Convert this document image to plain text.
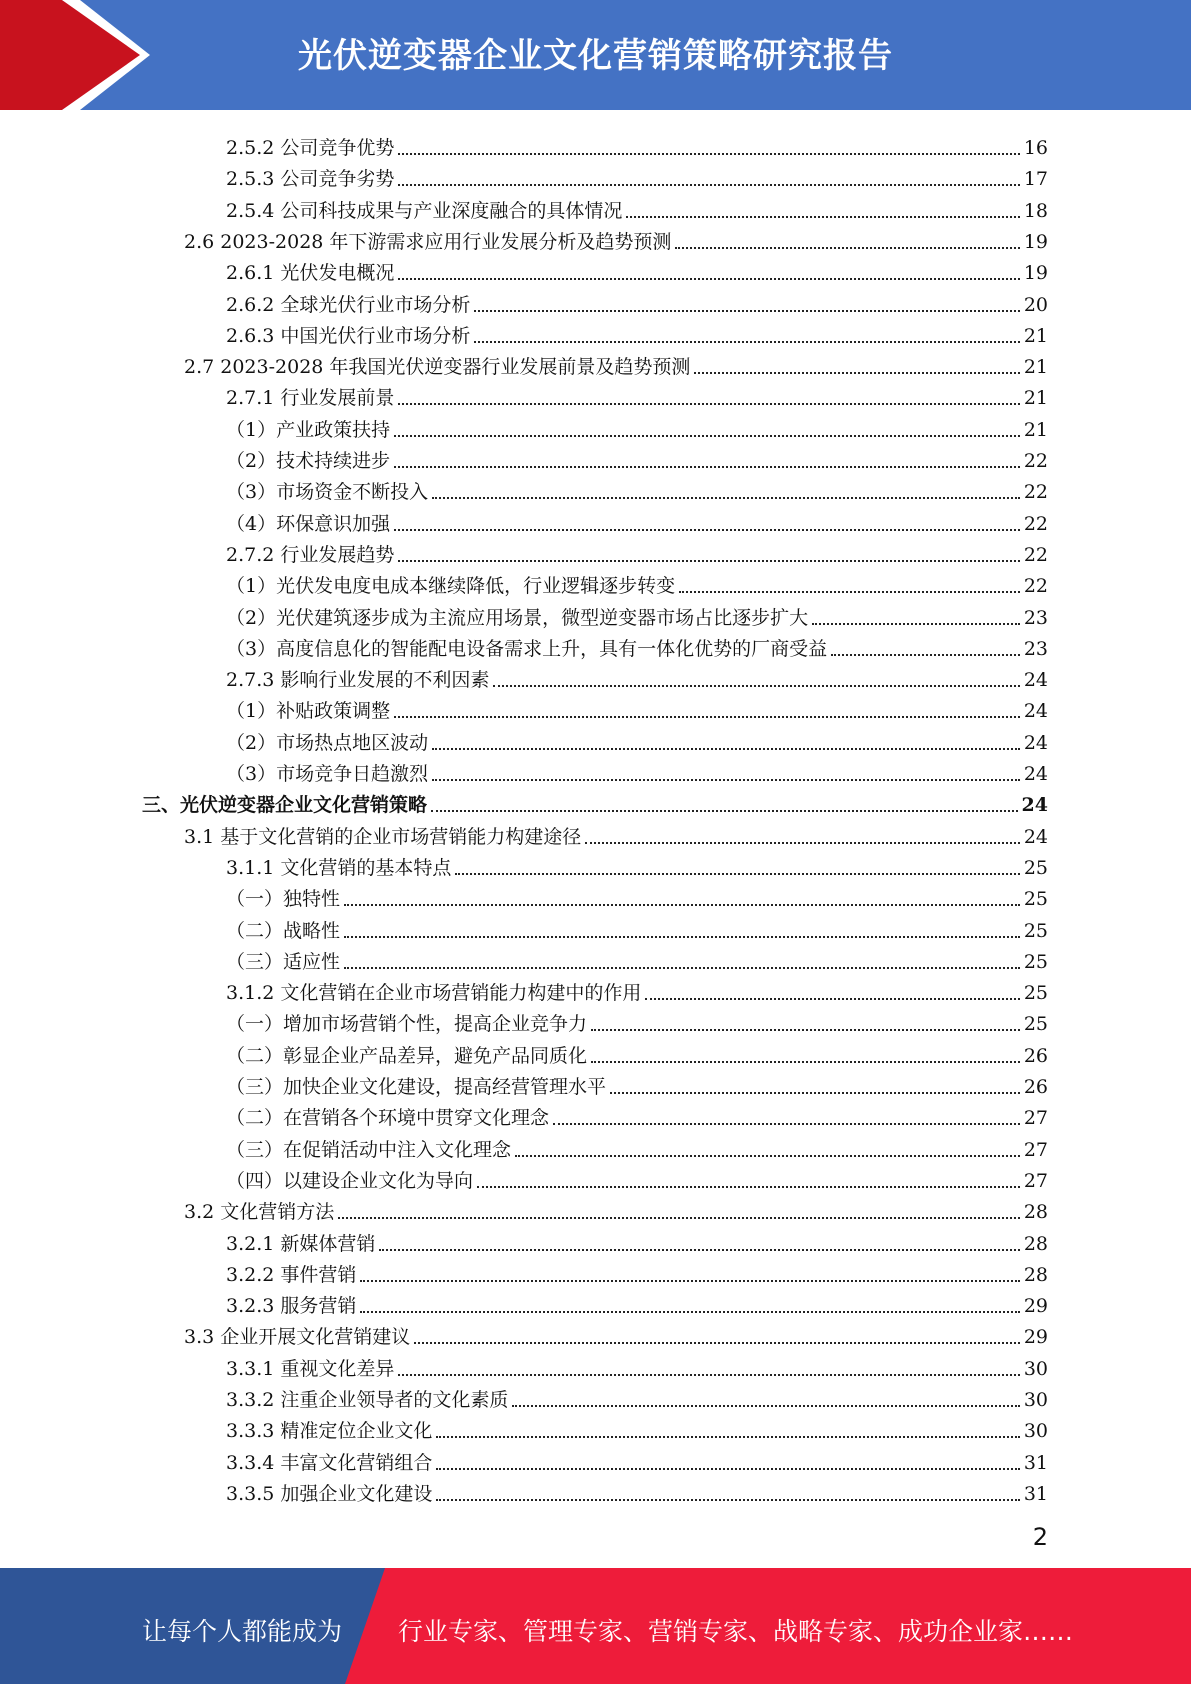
光伏逆变器企业文化营销策略研究报告
2.5.2 公司竞争优势	16
2.5.3 公司竞争劣势	17
2.5.4 公司科技成果与产业深度融合的具体情况	18
2.6 2023-2028 年下游需求应用行业发展分析及趋势预测	19
2.6.1 光伏发电概况	19
2.6.2 全球光伏行业市场分析	20
2.6.3 中国光伏行业市场分析	21
2.7 2023-2028 年我国光伏逆变器行业发展前景及趋势预测	21
2.7.1 行业发展前景	21
（1）产业政策扶持	21
（2）技术持续进步	22
（3）市场资金不断投入	22
（4）环保意识加强	22
2.7.2 行业发展趋势	22
（1）光伏发电度电成本继续降低，行业逻辑逐步转变	22
（2）光伏建筑逐步成为主流应用场景，微型逆变器市场占比逐步扩大	23
（3）高度信息化的智能配电设备需求上升，具有一体化优势的厂商受益	23
2.7.3 影响行业发展的不利因素	24
（1）补贴政策调整	24
（2）市场热点地区波动	24
（3）市场竞争日趋激烈	24
三、光伏逆变器企业文化营销策略	24
3.1 基于文化营销的企业市场营销能力构建途径	24
3.1.1 文化营销的基本特点	25
（一）独特性	25
（二）战略性	25
（三）适应性	25
3.1.2 文化营销在企业市场营销能力构建中的作用	25
（一）增加市场营销个性，提高企业竞争力	25
（二）彰显企业产品差异，避免产品同质化	26
（三）加快企业文化建设，提高经营管理水平	26
（二）在营销各个环境中贯穿文化理念	27
（三）在促销活动中注入文化理念	27
（四）以建设企业文化为导向	27
3.2 文化营销方法	28
3.2.1 新媒体营销	28
3.2.2 事件营销	28
3.2.3 服务营销	29
3.3 企业开展文化营销建议	29
3.3.1 重视文化差异	30
3.3.2 注重企业领导者的文化素质	30
3.3.3 精准定位企业文化	30
3.3.4 丰富文化营销组合	31
3.3.5 加强企业文化建设	31
2
让每个人都能成为 行业专家、管理专家、营销专家、战略专家、成功企业家……
